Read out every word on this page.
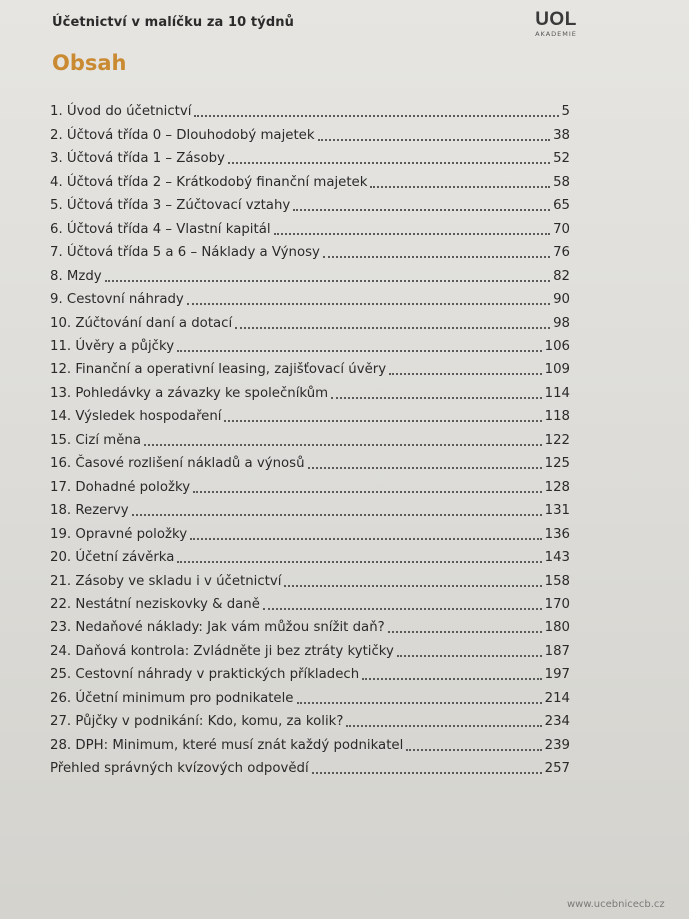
Účetnictví v malíčku za 10 týdnů	UOL
AKADEMIE
Obsah
1. Úvod do účetnictví	5
2. Účtová třída 0 – Dlouhodobý majetek	38
3. Účtová třída 1 – Zásoby	52
4. Účtová třída 2 – Krátkodobý finanční majetek	58
5. Účtová třída 3 – Zúčtovací vztahy	65
6. Účtová třída 4 – Vlastní kapitál	70
7. Účtová třída 5 a 6 – Náklady a Výnosy	76
8. Mzdy	82
9. Cestovní náhrady	90
10. Zúčtování daní a dotací	98
11. Úvěry a půjčky	106
12. Finanční a operativní leasing, zajišťovací úvěry	109
13. Pohledávky a závazky ke společníkům	114
14. Výsledek hospodaření	118
15. Cizí měna	122
16. Časové rozlišení nákladů a výnosů	125
17. Dohadné položky	128
18. Rezervy	131
19. Opravné položky	136
20. Účetní závěrka	143
21. Zásoby ve skladu i v účetnictví	158
22. Nestátní neziskovky & daně	170
23. Nedaňové náklady: Jak vám můžou snížit daň?	180
24. Daňová kontrola: Zvládněte ji bez ztráty kytičky	187
25. Cestovní náhrady v praktických příkladech	197
26. Účetní minimum pro podnikatele	214
27. Půjčky v podnikání: Kdo, komu, za kolik?	234
28. DPH: Minimum, které musí znát každý podnikatel	239
Přehled správných kvízových odpovědí	257
www.ucebnicecb.cz
